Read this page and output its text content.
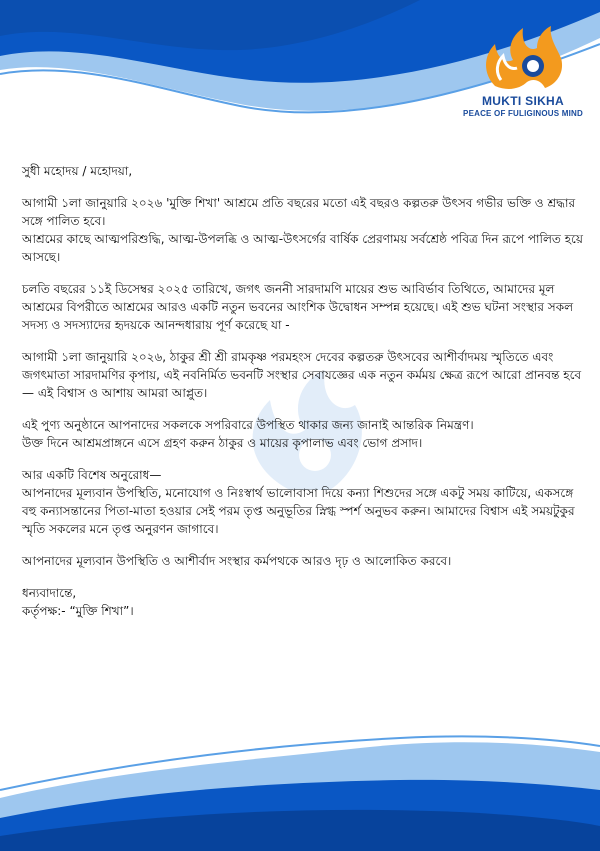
MUKTI SIKHA
PEACE OF FULIGINOUS MIND

সুধী মহোদয় / মহোদয়া,

আগামী ১লা জানুয়ারি ২০২৬ 'মুক্তি শিখা' আশ্রমে প্রতি বছরের মতো এই বছরও কল্পতরু উৎসব গভীর ভক্তি ও শ্রদ্ধার সঙ্গে পালিত হবে।
আশ্রমের কাছে আত্মপরিশুদ্ধি, আত্ম-উপলব্ধি ও আত্ম-উৎসর্গের বার্ষিক প্রেরণাময় সর্বশ্রেষ্ঠ পবিত্র দিন রূপে পালিত হয়ে আসছে।

চলতি বছরের ১১ই ডিসেম্বর ২০২৫ তারিখে, জগৎ জননী সারদামণি মায়ের শুভ আবির্ভাব তিথিতে, আমাদের মূল আশ্রমের বিপরীতে আশ্রমের আরও একটি নতুন ভবনের আংশিক উদ্বোধন সম্পন্ন হয়েছে। এই শুভ ঘটনা সংস্থার সকল সদস্য ও সদস্যাদের হৃদয়কে আনন্দধারায় পূর্ণ করেছে যা -

আগামী ১লা জানুয়ারি ২০২৬, ঠাকুর শ্রী শ্রী রামকৃষ্ণ পরমহংস দেবের কল্পতরু উৎসবের আশীর্বাদময় স্মৃতিতে এবং জগৎমাতা সারদামণির কৃপায়, এই নবনির্মিত ভবনটি সংস্থার সেবাযজ্ঞের এক নতুন কর্মময় ক্ষেত্র রূপে আরো প্রানবন্ত হবে — এই বিশ্বাস ও আশায় আমরা আপ্লুত।

এই পুণ্য অনুষ্ঠানে আপনাদের সকলকে সপরিবারে উপস্থিত থাকার জন্য জানাই আন্তরিক নিমন্ত্রণ।
উক্ত দিনে আশ্রমপ্রাঙ্গনে এসে গ্রহণ করুন ঠাকুর ও মায়ের কৃপালাভ এবং ভোগ প্রসাদ।

আর একটি বিশেষ অনুরোধ—
আপনাদের মূল্যবান উপস্থিতি, মনোযোগ ও নিঃস্বার্থ ভালোবাসা দিয়ে কন্যা শিশুদের সঙ্গে একটু সময় কাটিয়ে, একসঙ্গে বহু কন্যাসন্তানের পিতা-মাতা হওয়ার সেই পরম তৃপ্ত অনুভূতির স্নিগ্ধ স্পর্শ অনুভব করুন। আমাদের বিশ্বাস এই সময়টুকুর স্মৃতি সকলের মনে তৃপ্ত অনুরণন জাগাবে।

আপনাদের মূল্যবান উপস্থিতি ও আশীর্বাদ সংস্থার কর্মপথকে আরও দৃঢ় ও আলোকিত করবে।

ধন্যবাদান্তে,
কর্তৃপক্ষ:- “মুক্তি শিখা”।
